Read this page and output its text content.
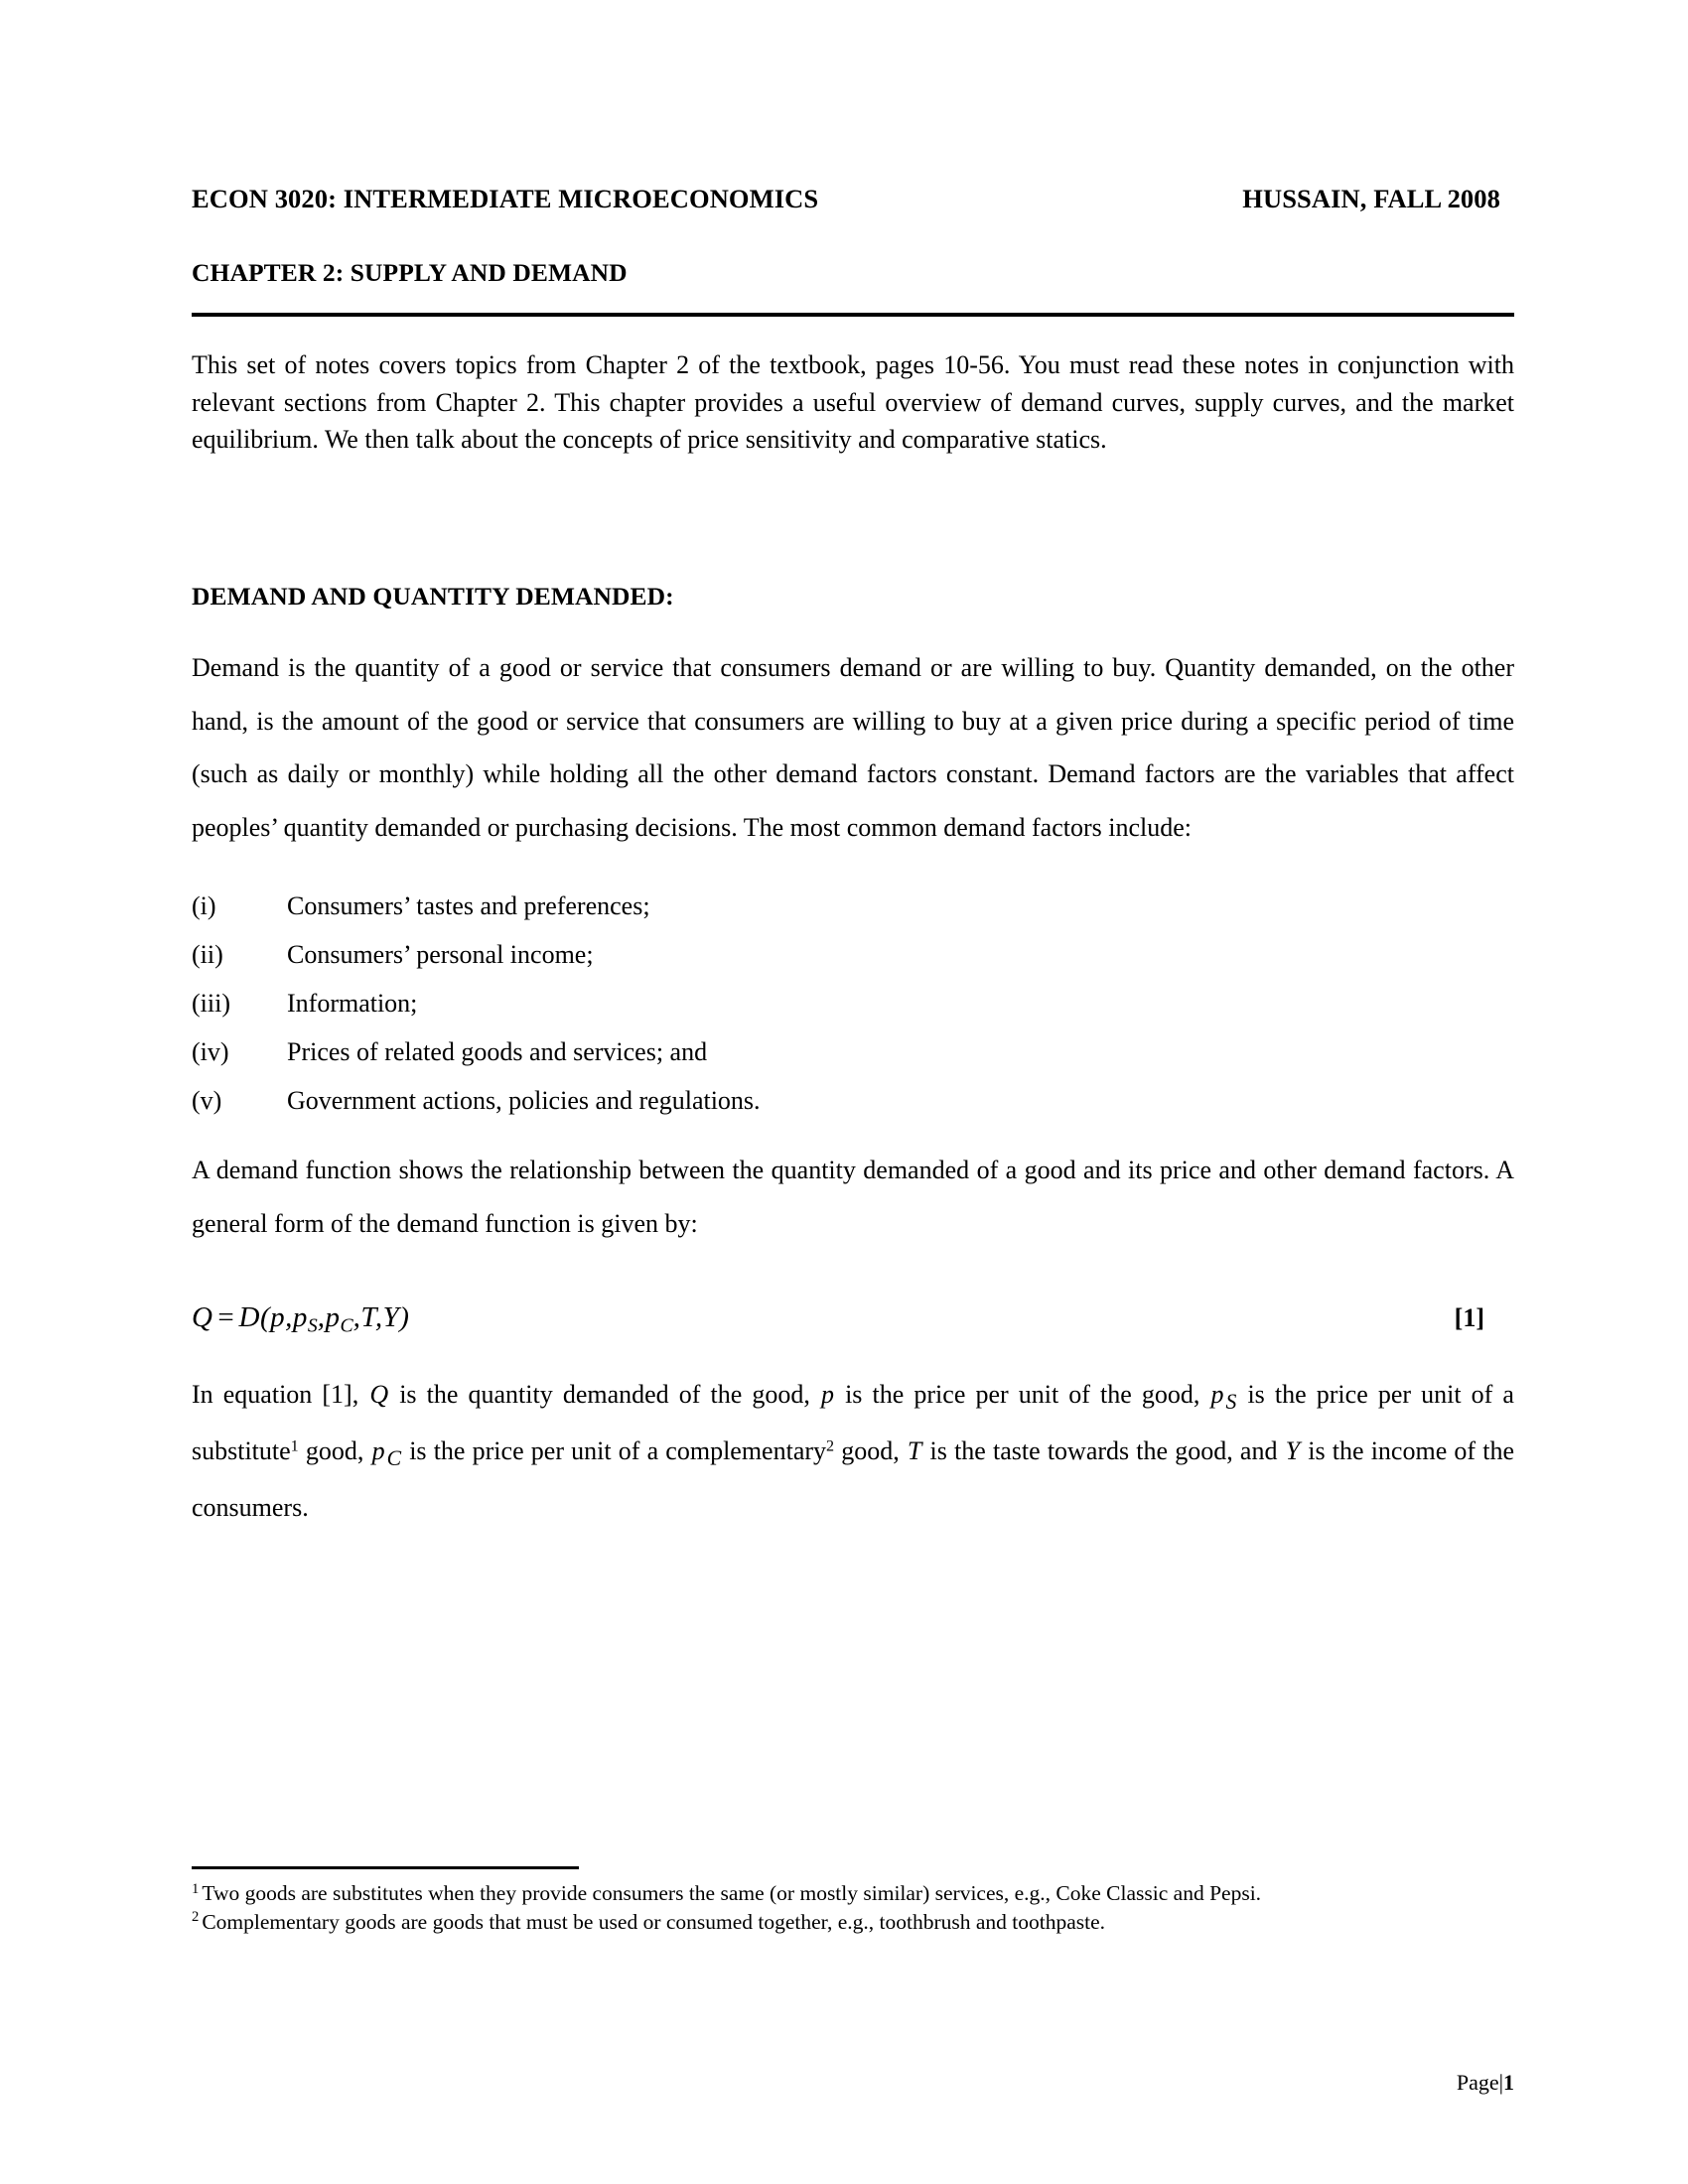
ECON 3020: INTERMEDIATE MICROECONOMICS	HUSSAIN, FALL 2008
CHAPTER 2: SUPPLY AND DEMAND

This set of notes covers topics from Chapter 2 of the textbook, pages 10-56. You must read these notes in conjunction with relevant sections from Chapter 2. This chapter provides a useful overview of demand curves, supply curves, and the market equilibrium. We then talk about the concepts of price sensitivity and comparative statics.

DEMAND AND QUANTITY DEMANDED:

Demand is the quantity of a good or service that consumers demand or are willing to buy. Quantity demanded, on the other hand, is the amount of the good or service that consumers are willing to buy at a given price during a specific period of time (such as daily or monthly) while holding all the other demand factors constant. Demand factors are the variables that affect peoples’ quantity demanded or purchasing decisions. The most common demand factors include:

(i)	Consumers’ tastes and preferences;
(ii)	Consumers’ personal income;
(iii)	Information;
(iv)	Prices of related goods and services; and
(v)	Government actions, policies and regulations.

A demand function shows the relationship between the quantity demanded of a good and its price and other demand factors. A general form of the demand function is given by:

$Q = D(p,p_S,p_C,T,Y)$	[1]

In equation [1], Q is the quantity demanded of the good, p is the price per unit of the good, $p_S$ is the price per unit of a substitute$^1$ good, $p_C$ is the price per unit of a complementary$^2$ good, T is the taste towards the good, and Y is the income of the consumers.

$^1$ Two goods are substitutes when they provide consumers the same (or mostly similar) services, e.g., Coke Classic and Pepsi.

$^2$ Complementary goods are goods that must be used or consumed together, e.g., toothbrush and toothpaste.

Page|1
